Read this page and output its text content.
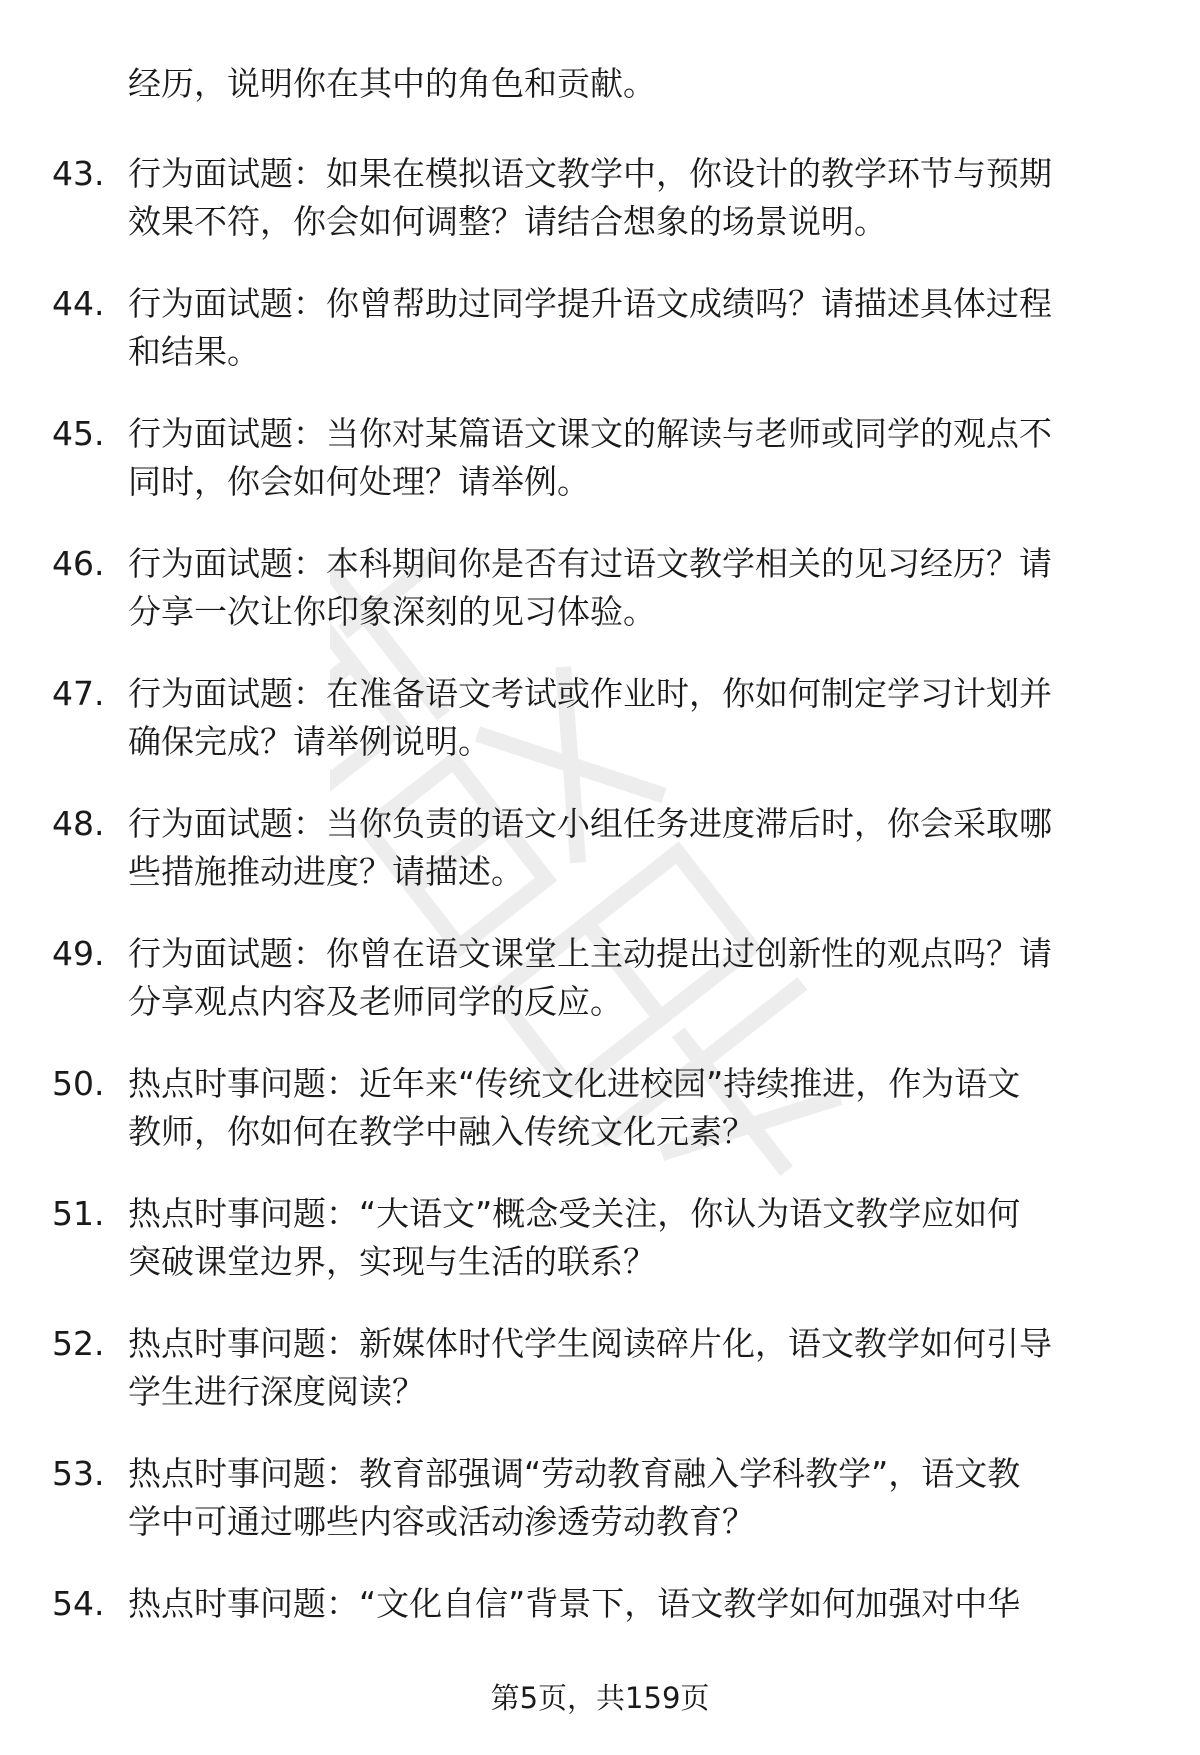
经历，说明你在其中的角色和贡献。
43. 行为面试题：如果在模拟语文教学中，你设计的教学环节与预期
效果不符，你会如何调整？请结合想象的场景说明。
44. 行为面试题：你曾帮助过同学提升语文成绩吗？请描述具体过程
和结果。
45. 行为面试题：当你对某篇语文课文的解读与老师或同学的观点不
同时，你会如何处理？请举例。
46. 行为面试题：本科期间你是否有过语文教学相关的见习经历？请
分享一次让你印象深刻的见习体验。
47. 行为面试题：在准备语文考试或作业时，你如何制定学习计划并
确保完成？请举例说明。
48. 行为面试题：当你负责的语文小组任务进度滞后时，你会采取哪
些措施推动进度？请描述。
49. 行为面试题：你曾在语文课堂上主动提出过创新性的观点吗？请
分享观点内容及老师同学的反应。
50. 热点时事问题：近年来“传统文化进校园”持续推进，作为语文
教师，你如何在教学中融入传统文化元素？
51. 热点时事问题：“大语文”概念受关注，你认为语文教学应如何
突破课堂边界，实现与生活的联系？
52. 热点时事问题：新媒体时代学生阅读碎片化，语文教学如何引导
学生进行深度阅读？
53. 热点时事问题：教育部强调“劳动教育融入学科教学”，语文教
学中可通过哪些内容或活动渗透劳动教育？
54. 热点时事问题：“文化自信”背景下，语文教学如何加强对中华
第5页，共159页
